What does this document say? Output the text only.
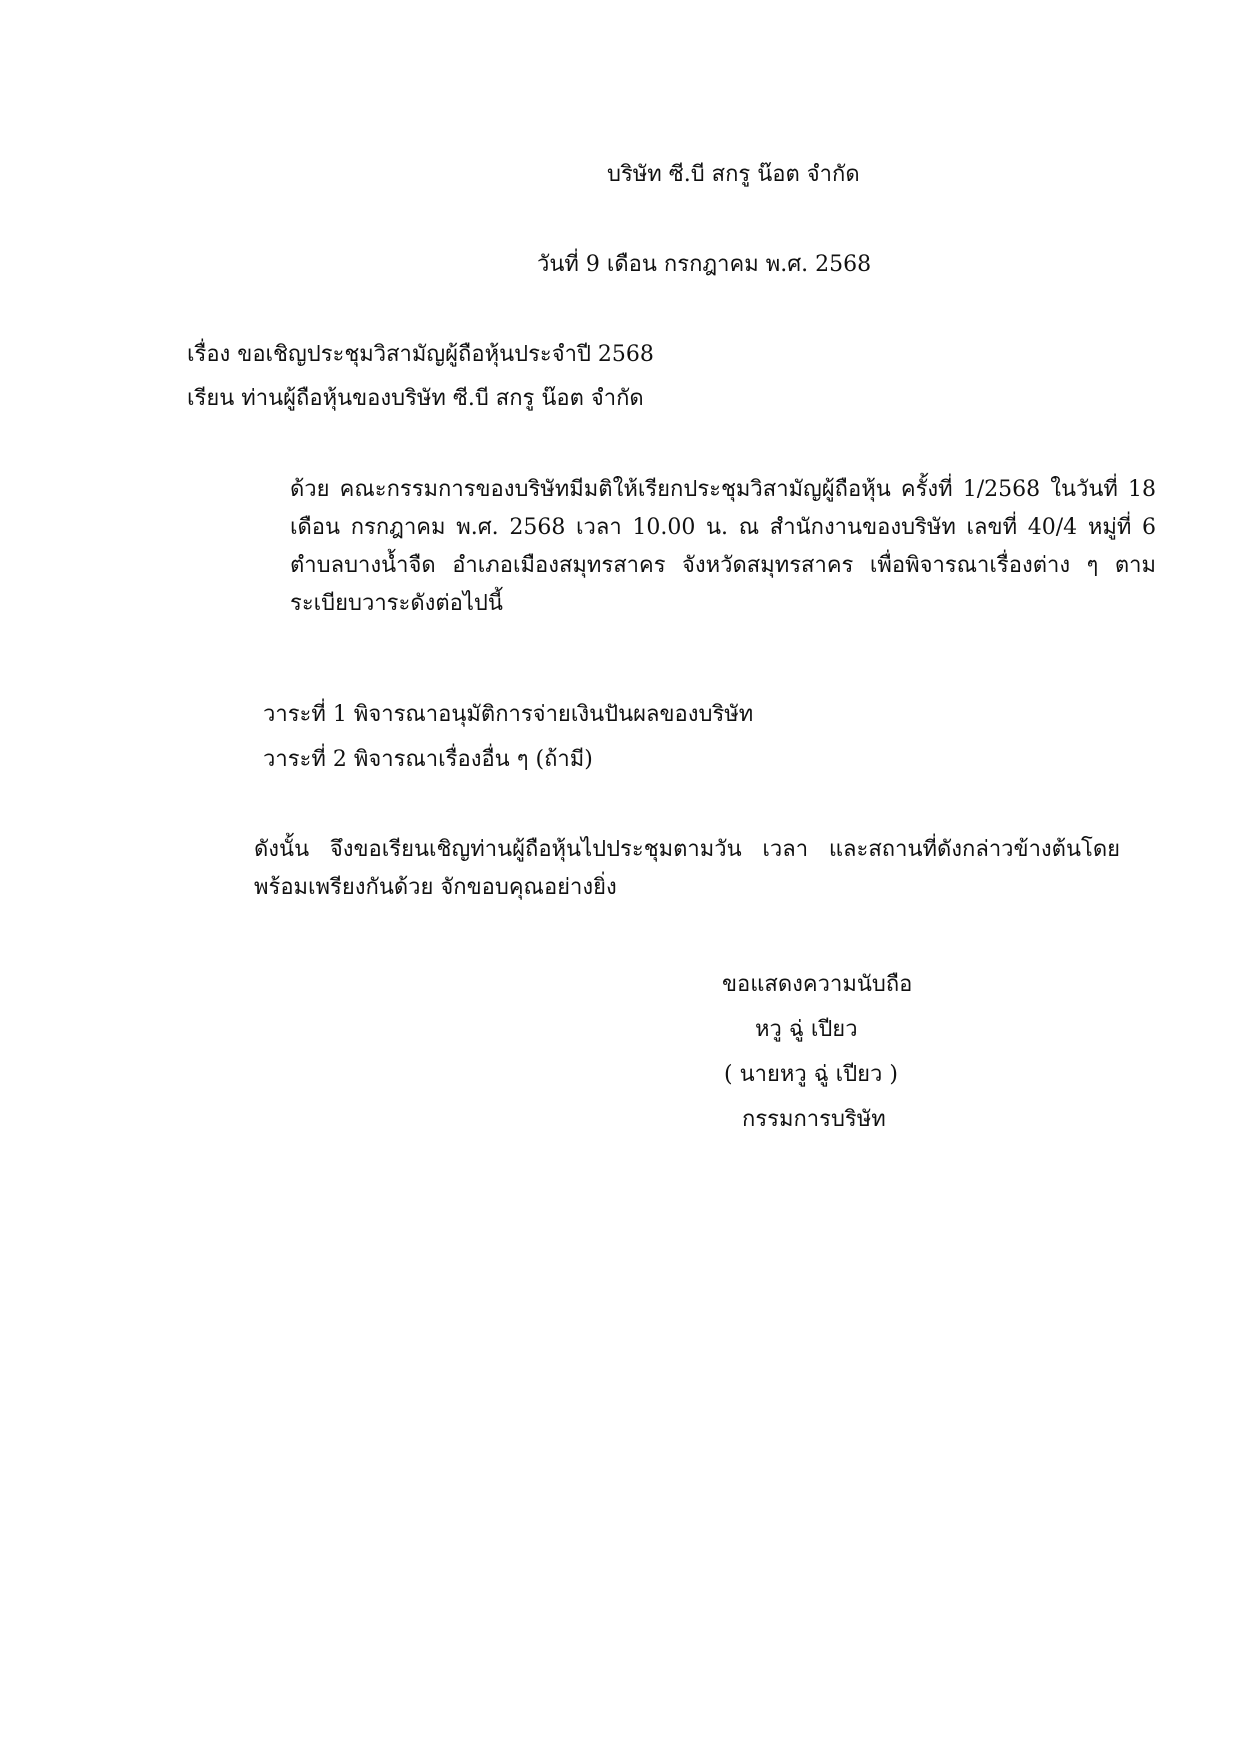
บริษัท ซี.บี สกรู น๊อต จำกัด
วันที่ 9 เดือน กรกฎาคม พ.ศ. 2568
เรื่อง ขอเชิญประชุมวิสามัญผู้ถือหุ้นประจำปี 2568
เรียน ท่านผู้ถือหุ้นของบริษัท ซี.บี สกรู น๊อต จำกัด
ด้วย คณะกรรมการของบริษัทมีมติให้เรียกประชุมวิสามัญผู้ถือหุ้น ครั้งที่ 1/2568 ในวันที่ 18 เดือน กรกฎาคม พ.ศ. 2568 เวลา 10.00 น. ณ สำนักงานของบริษัท เลขที่ 40/4 หมู่ที่ 6 ตำบลบางน้ำจืด อำเภอเมืองสมุทรสาคร จังหวัดสมุทรสาคร เพื่อพิจารณาเรื่องต่าง ๆ ตาม ระเบียบวาระดังต่อไปนี้
วาระที่ 1 พิจารณาอนุมัติการจ่ายเงินปันผลของบริษัท
วาระที่ 2 พิจารณาเรื่องอื่น ๆ (ถ้ามี)
ดังนั้น จึงขอเรียนเชิญท่านผู้ถือหุ้นไปประชุมตามวัน เวลา และสถานที่ดังกล่าวข้างต้นโดย พร้อมเพรียงกันด้วย จักขอบคุณอย่างยิ่ง
ขอแสดงความนับถือ
หวู ฉู่ เปียว
( นายหวู ฉู่ เปียว )
กรรมการบริษัท
